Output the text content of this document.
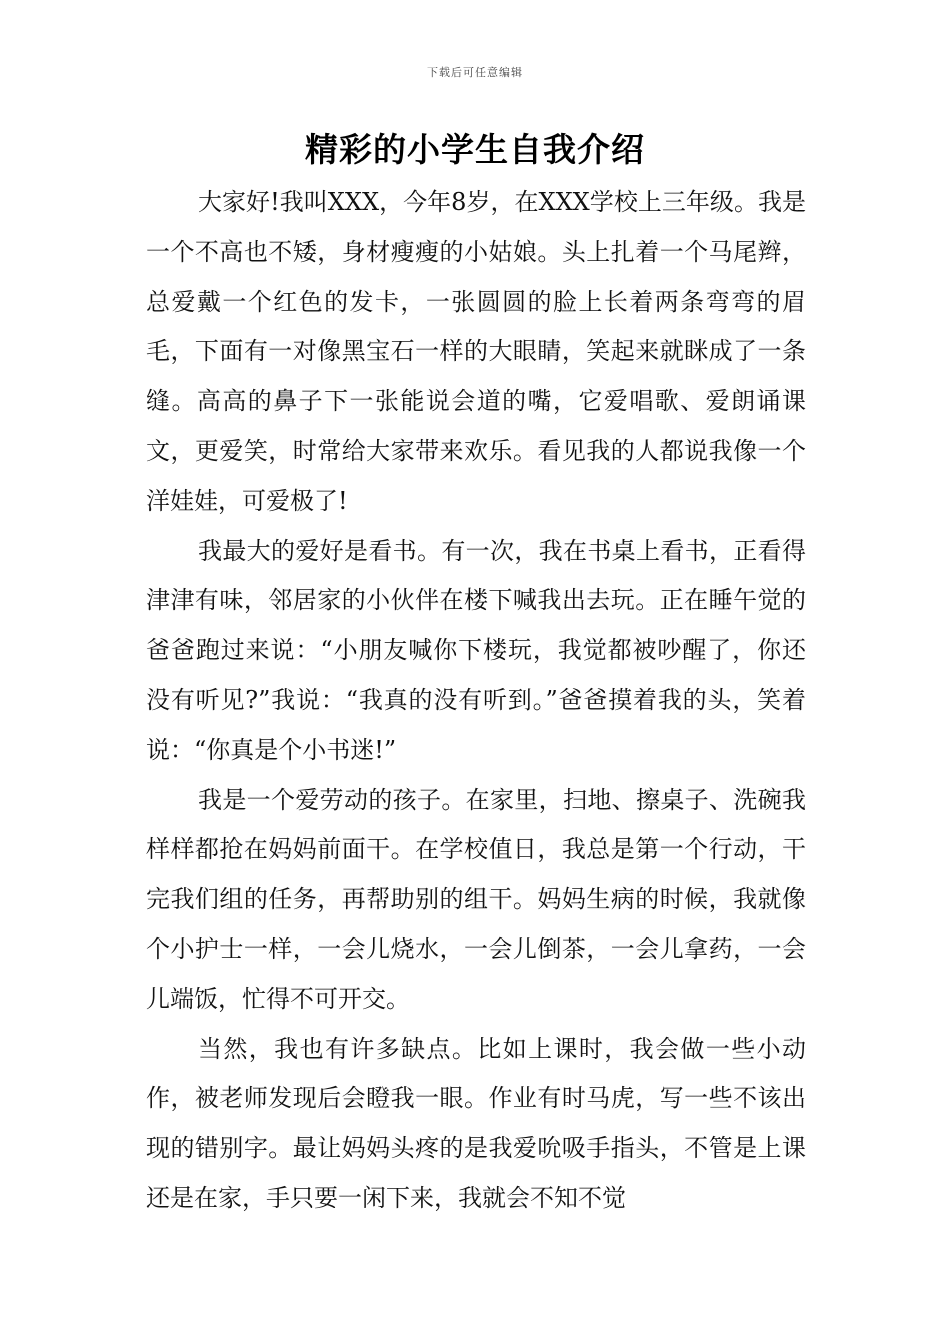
下载后可任意编辑
精彩的小学生自我介绍

大家好!我叫XXX，今年8岁，在XXX学校上三年级。我是一个不高也不矮，身材瘦瘦的小姑娘。头上扎着一个马尾辫，总爱戴一个红色的发卡，一张圆圆的脸上长着两条弯弯的眉毛，下面有一对像黑宝石一样的大眼睛，笑起来就眯成了一条缝。高高的鼻子下一张能说会道的嘴，它爱唱歌、爱朗诵课文，更爱笑，时常给大家带来欢乐。看见我的人都说我像一个洋娃娃，可爱极了!

我最大的爱好是看书。有一次，我在书桌上看书，正看得津津有味，邻居家的小伙伴在楼下喊我出去玩。正在睡午觉的爸爸跑过来说：“小朋友喊你下楼玩，我觉都被吵醒了，你还没有听见?”我说：“我真的没有听到。”爸爸摸着我的头，笑着说：“你真是个小书迷!”

我是一个爱劳动的孩子。在家里，扫地、擦桌子、洗碗我样样都抢在妈妈前面干。在学校值日，我总是第一个行动，干完我们组的任务，再帮助别的组干。妈妈生病的时候，我就像个小护士一样，一会儿烧水，一会儿倒茶，一会儿拿药，一会儿端饭，忙得不可开交。

当然，我也有许多缺点。比如上课时，我会做一些小动作，被老师发现后会瞪我一眼。作业有时马虎，写一些不该出现的错别字。最让妈妈头疼的是我爱吮吸手指头，不管是上课还是在家，手只要一闲下来，我就会不知不觉
